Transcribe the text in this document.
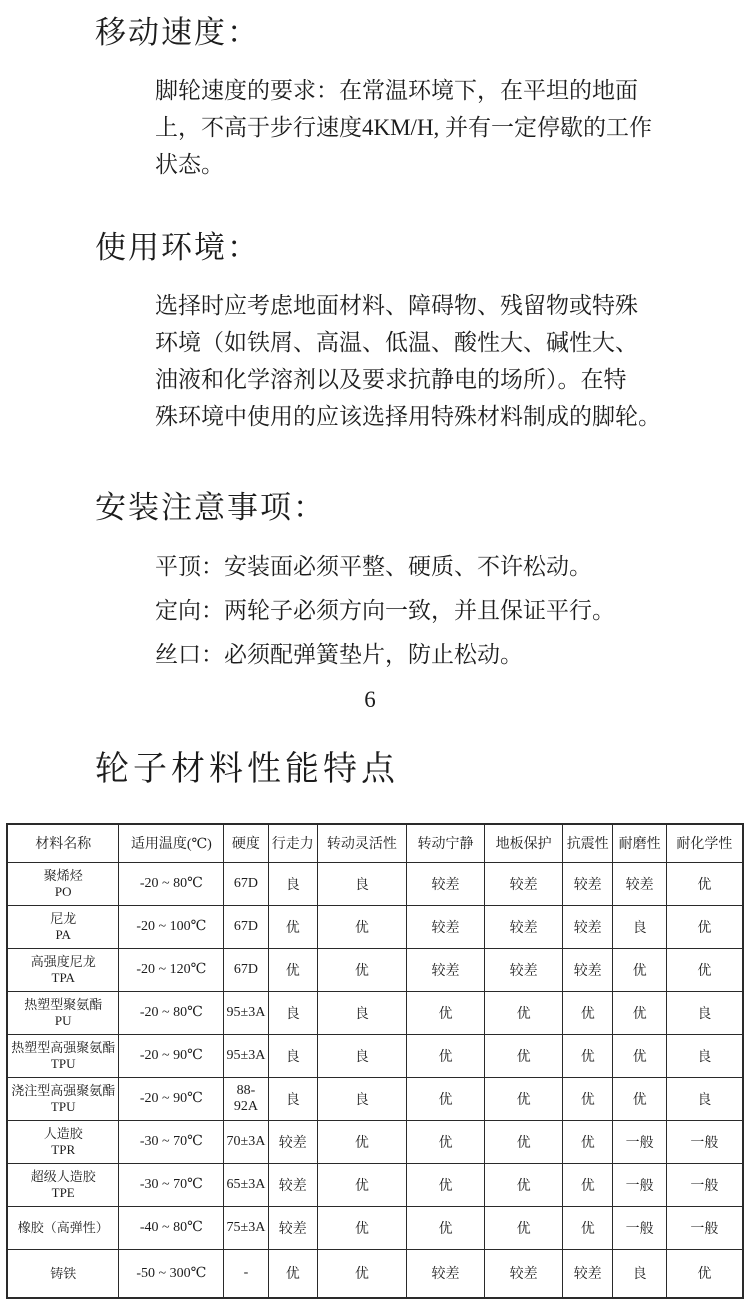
移动速度：
脚轮速度的要求：在常温环境下，在平坦的地面
上，不高于步行速度4KM/H, 并有一定停歇的工作
状态。
使用环境：
选择时应考虑地面材料、障碍物、残留物或特殊
环境（如铁屑、高温、低温、酸性大、碱性大、
油液和化学溶剂以及要求抗静电的场所）。在特
殊环境中使用的应该选择用特殊材料制成的脚轮。
安装注意事项：
平顶：安装面必须平整、硬质、不许松动。
定向：两轮子必须方向一致，并且保证平行。
丝口：必须配弹簧垫片，防止松动。
6
轮子材料性能特点
材料名称	适用温度(℃)	硬度	行走力	转动灵活性	转动宁静	地板保护	抗震性	耐磨性	耐化学性

聚烯烃
PO	-20 ~ 80℃	67D	良	良	较差	较差	较差	较差	优

尼龙
PA	-20 ~ 100℃	67D	优	优	较差	较差	较差	良	优

高强度尼龙
TPA	-20 ~ 120℃	67D	优	优	较差	较差	较差	优	优

热塑型聚氨酯
PU	-20 ~ 80℃	95±3A	良	良	优	优	优	优	良

热塑型高强聚氨酯
TPU	-20 ~ 90℃	95±3A	良	良	优	优	优	优	良

浇注型高强聚氨酯
TPU	-20 ~ 90℃	88-92A	良	良	优	优	优	优	良

人造胶
TPR	-30 ~ 70℃	70±3A	较差	优	优	优	优	一般	一般

超级人造胶
TPE	-30 ~ 70℃	65±3A	较差	优	优	优	优	一般	一般

橡胶（高弹性）	-40 ~ 80℃	75±3A	较差	优	优	优	优	一般	一般

铸铁	-50 ~ 300℃	-	优	优	较差	较差	较差	良	优
